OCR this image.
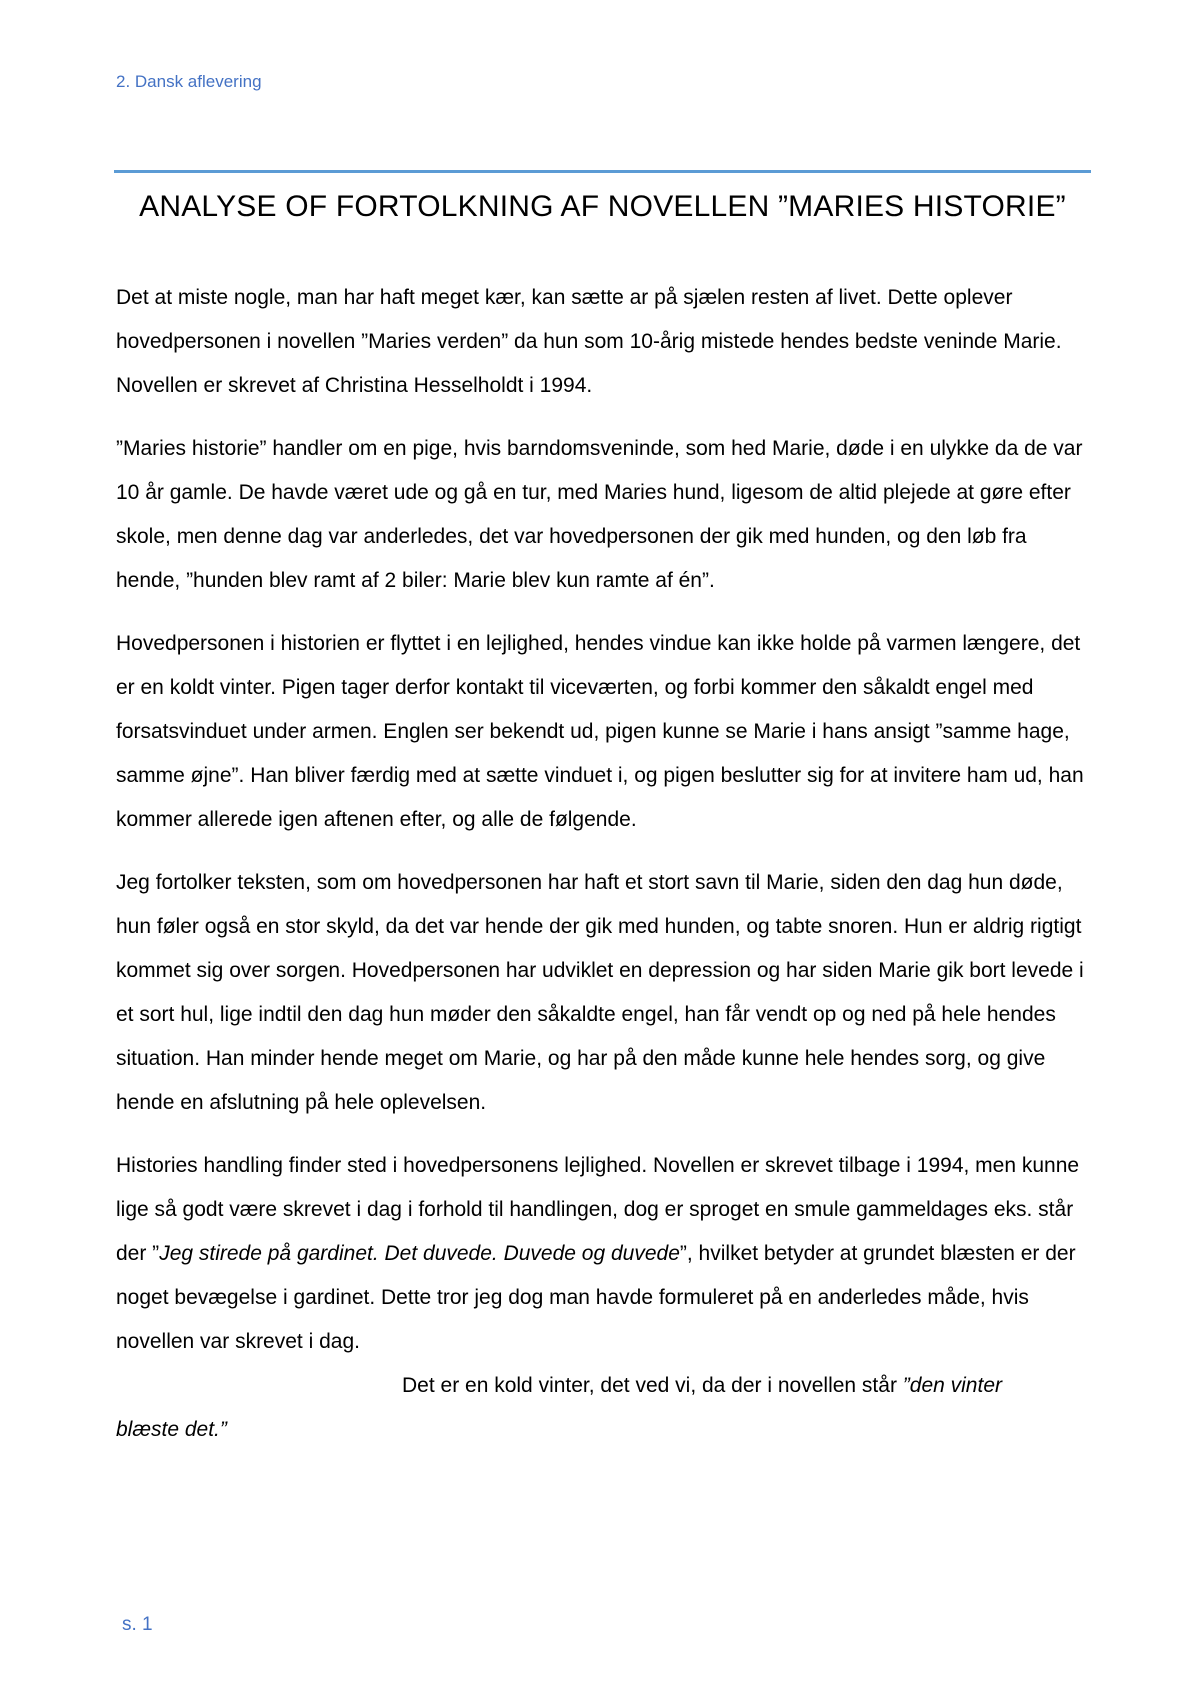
2. Dansk aflevering
ANALYSE OF FORTOLKNING AF NOVELLEN ”MARIES HISTORIE”

Det at miste nogle, man har haft meget kær, kan sætte ar på sjælen resten af livet. Dette oplever hovedpersonen i novellen ”Maries verden” da hun som 10-årig mistede hendes bedste veninde Marie. Novellen er skrevet af Christina Hesselholdt i 1994.

”Maries historie” handler om en pige, hvis barndomsveninde, som hed Marie, døde i en ulykke da de var 10 år gamle. De havde været ude og gå en tur, med Maries hund, ligesom de altid plejede at gøre efter skole, men denne dag var anderledes, det var hovedpersonen der gik med hunden, og den løb fra hende, ”hunden blev ramt af 2 biler: Marie blev kun ramte af én”.

Hovedpersonen i historien er flyttet i en lejlighed, hendes vindue kan ikke holde på varmen længere, det er en koldt vinter. Pigen tager derfor kontakt til viceværten, og forbi kommer den såkaldt engel med forsatsvinduet under armen. Englen ser bekendt ud, pigen kunne se Marie i hans ansigt ”samme hage, samme øjne”. Han bliver færdig med at sætte vinduet i, og pigen beslutter sig for at invitere ham ud, han kommer allerede igen aftenen efter, og alle de følgende.

Jeg fortolker teksten, som om hovedpersonen har haft et stort savn til Marie, siden den dag hun døde, hun føler også en stor skyld, da det var hende der gik med hunden, og tabte snoren. Hun er aldrig rigtigt kommet sig over sorgen. Hovedpersonen har udviklet en depression og har siden Marie gik bort levede i et sort hul, lige indtil den dag hun møder den såkaldte engel, han får vendt op og ned på hele hendes situation. Han minder hende meget om Marie, og har på den måde kunne hele hendes sorg, og give hende en afslutning på hele oplevelsen.

Histories handling finder sted i hovedpersonens lejlighed. Novellen er skrevet tilbage i 1994, men kunne lige så godt være skrevet i dag i forhold til handlingen, dog er sproget en smule gammeldages eks. står der ”Jeg stirede på gardinet. Det duvede. Duvede og duvede”, hvilket betyder at grundet blæsten er der noget bevægelse i gardinet. Dette tror jeg dog man havde formuleret på en anderledes måde, hvis novellen var skrevet i dag.

Det er en kold vinter, det ved vi, da der i novellen står ”den vinter
blæste det.”

s. 1
